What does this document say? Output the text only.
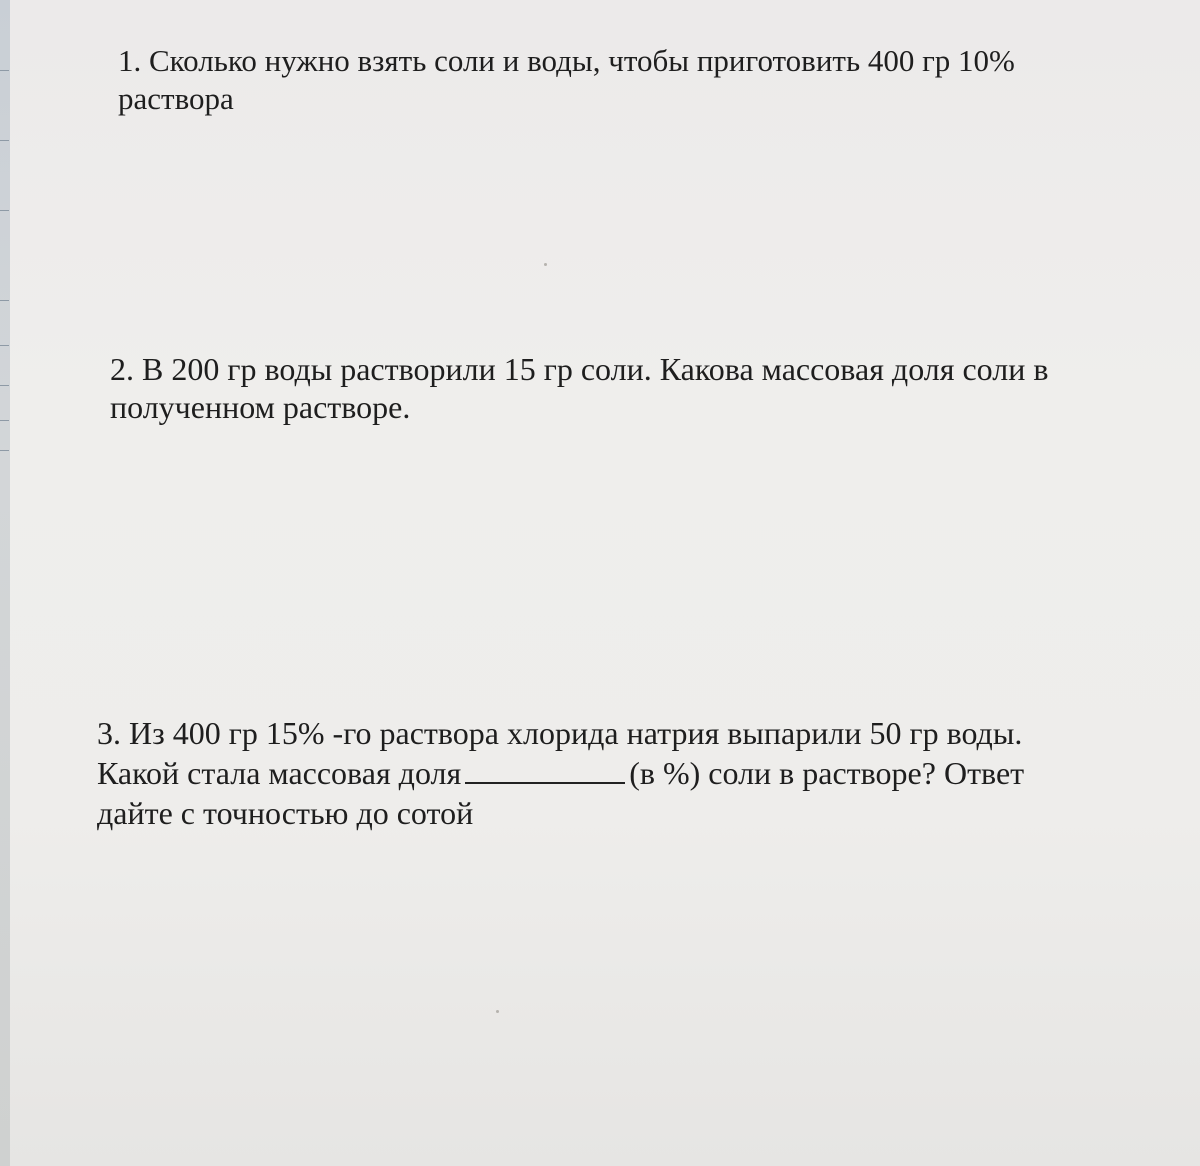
1. Сколько нужно взять соли и воды, чтобы приготовить 400 гр 10%
раствора

2. В 200 гр воды растворили 15 гр соли. Какова массовая доля соли в
полученном растворе.

3. Из 400 гр 15% -го раствора хлорида натрия выпарили 50 гр воды.
Какой стала массовая доля	(в %) соли в растворе? Ответ
дайте с точностью до сотой
